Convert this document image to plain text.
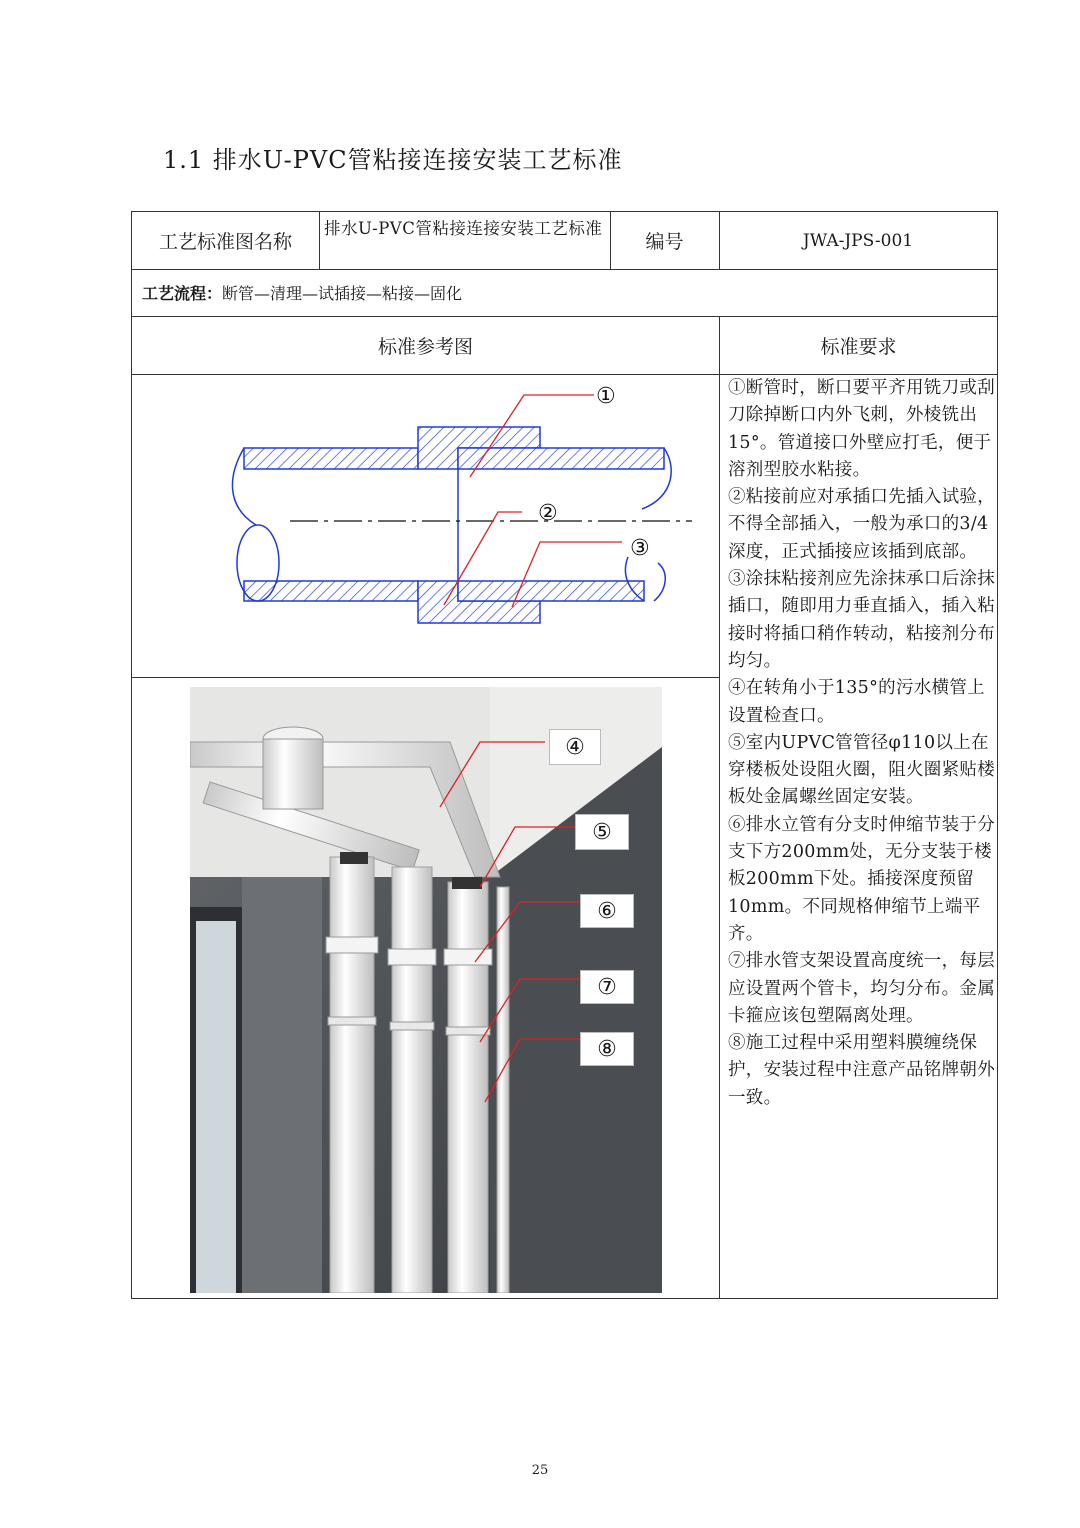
1.1 排水U-PVC管粘接连接安装工艺标准
工艺标准图名称
排水U-PVC管粘接连接安装工艺标准
编号	JWA-JPS-001
工艺流程： 断管—清理—试插接—粘接—固化
标准参考图	标准要求

①断管时，断口要平齐用铣刀或刮刀除掉断口内外飞刺，外棱铣出15°。管道接口外壁应打毛，便于溶剂型胶水粘接。

②粘接前应对承插口先插入试验，不得全部插入，一般为承口的3/4深度，正式插接应该插到底部。

③涂抹粘接剂应先涂抹承口后涂抹插口，随即用力垂直插入，插入粘接时将插口稍作转动，粘接剂分布均匀。

④在转角小于135°的污水横管上设置检查口。

⑤室内UPVC管管径φ110以上在穿楼板处设阻火圈，阻火圈紧贴楼板处金属螺丝固定安装。

⑥排水立管有分支时伸缩节装于分支下方200mm处，无分支装于楼板200mm下处。插接深度预留10mm。不同规格伸缩节上端平齐。

⑦排水管支架设置高度统一，每层应设置两个管卡，均匀分布。金属卡箍应该包塑隔离处理。

⑧施工过程中采用塑料膜缠绕保护，安装过程中注意产品铭牌朝外一致。

①
②
③
④
⑤
⑥
⑦
⑧
25
